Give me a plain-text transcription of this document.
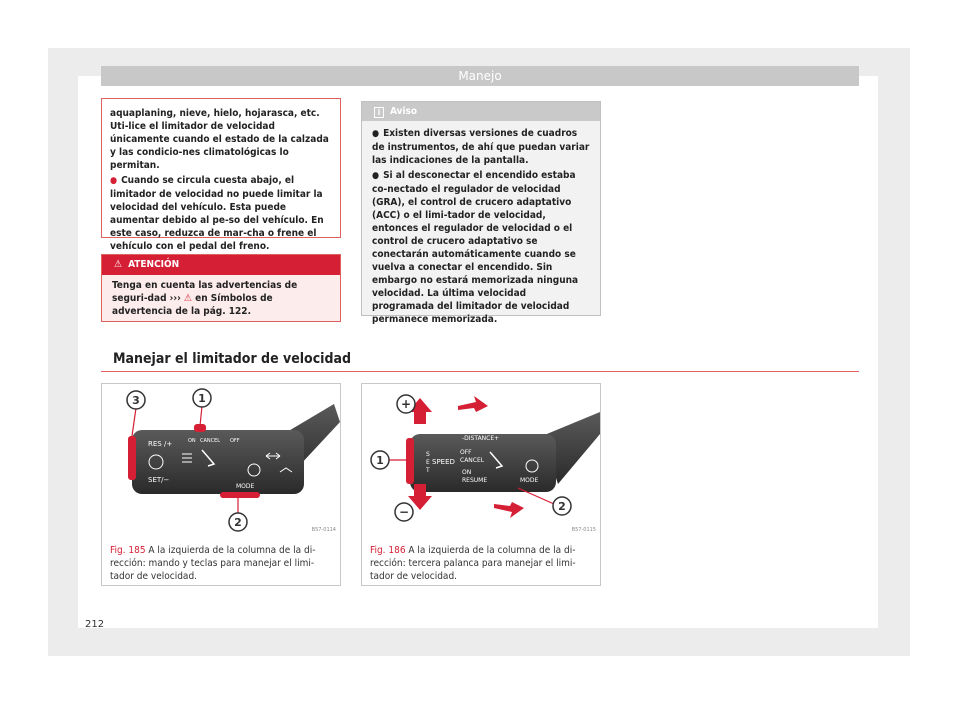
Manejo

aquaplaning, nieve, hielo, hojarasca, etc. Uti-lice el limitador de velocidad únicamente cuando el estado de la calzada y las condicio-nes climatológicas lo permitan.

● Cuando se circula cuesta abajo, el limitador de velocidad no puede limitar la velocidad del vehículo. Esta puede aumentar debido al pe-so del vehículo. En este caso, reduzca de mar-cha o frene el vehículo con el pedal del freno.

⚠ ATENCIÓN
Tenga en cuenta las advertencias de seguri-dad ››› ⚠ en Símbolos de advertencia de la pág. 122.
i Aviso

● Existen diversas versiones de cuadros de instrumentos, de ahí que puedan variar las indicaciones de la pantalla.

● Si al desconectar el encendido estaba co-nectado el regulador de velocidad (GRA), el control de crucero adaptativo (ACC) o el limi-tador de velocidad, entonces el regulador de velocidad o el control de crucero adaptativo se conectarán automáticamente cuando se vuelva a conectar el encendido. Sin embargo no estará memorizada ninguna velocidad. La última velocidad programada del limitador de velocidad permanece memorizada.

Manejar el limitador de velocidad
RES /+	ON CANCEL OFF
SET/−
MODE
3	1
2
B57-0114
Fig. 185 A la izquierda de la columna de la di-rección: mando y teclas para manejar el limi-tador de velocidad.
-DISTANCE+
S
E
T
SPEED
OFF
CANCEL
ON
RESUME	MODE
+
1
−	2
B57-0115
Fig. 186 A la izquierda de la columna de la di-rección: tercera palanca para manejar el limi-tador de velocidad.
212
